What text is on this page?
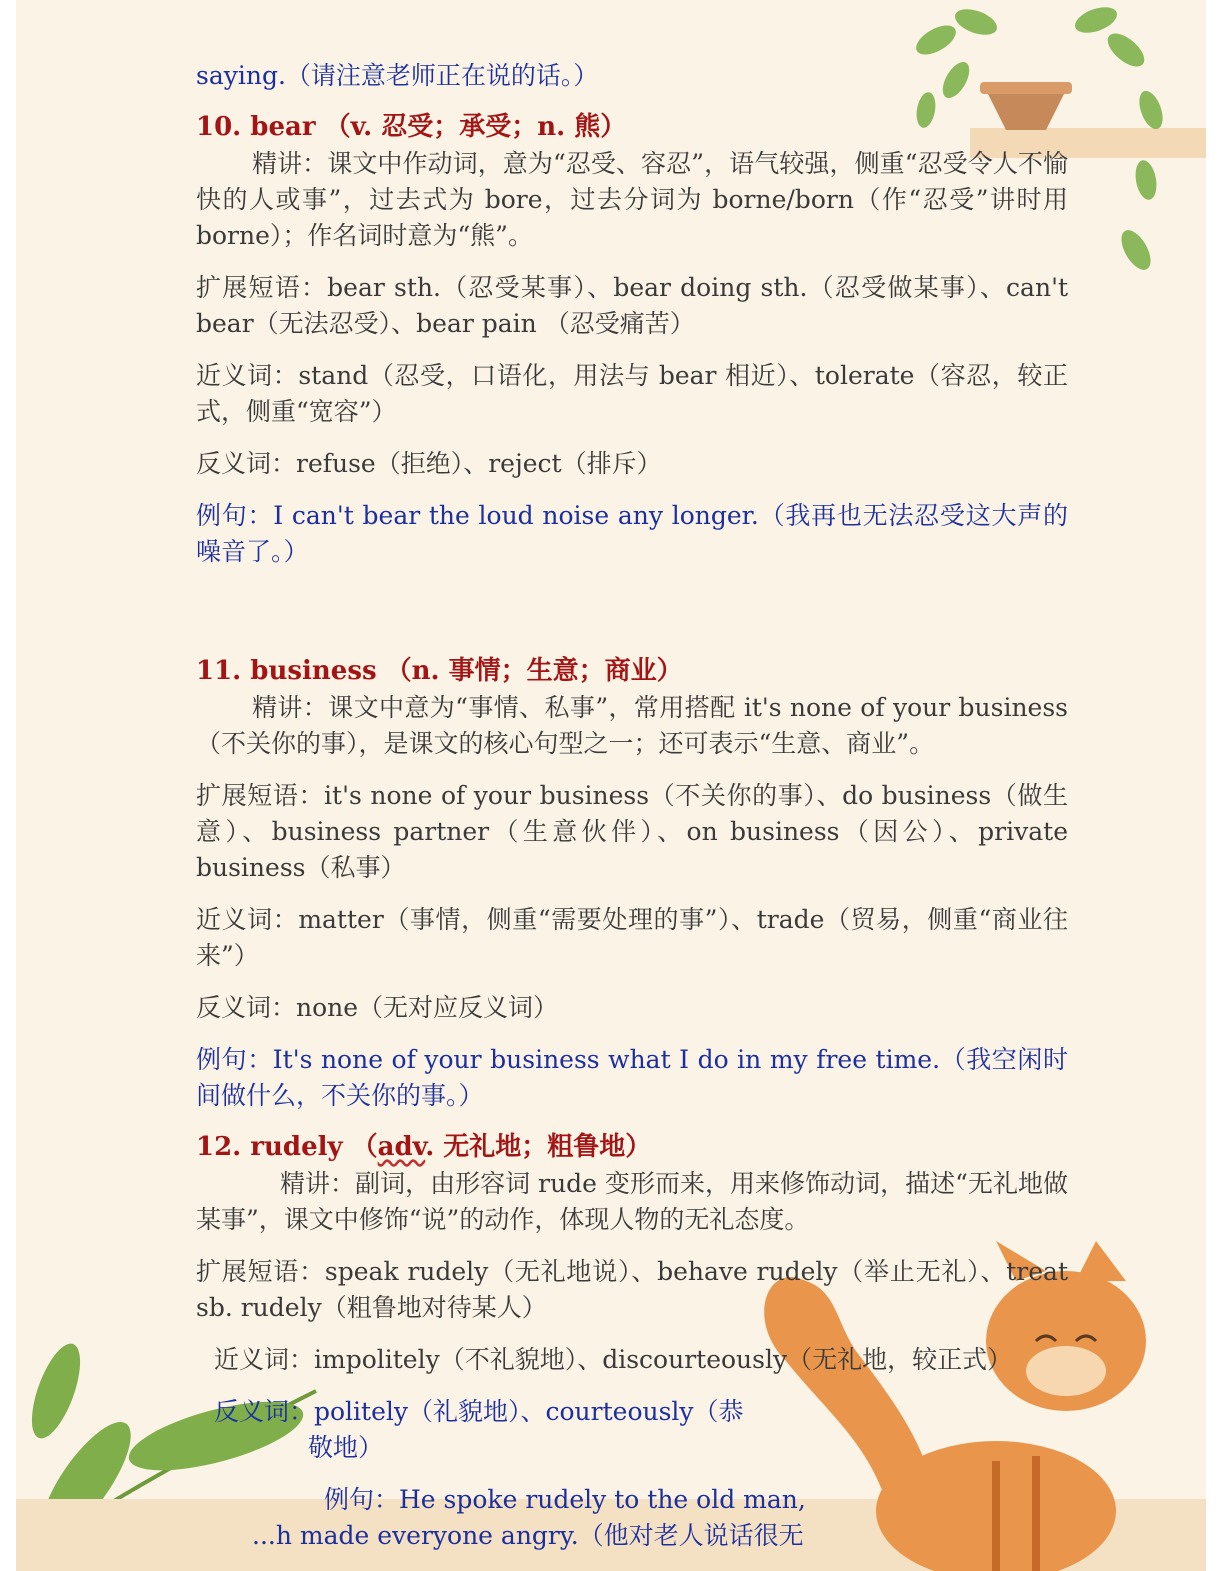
saying.（请注意老师正在说的话。）
10. bear （v. 忍受；承受；n. 熊）
精讲：课文中作动词，意为“忍受、容忍”，语气较强，侧重“忍受令人不愉快的人或事”，过去式为 bore，过去分词为 borne/born（作“忍受”讲时用 borne）；作名词时意为“熊”。
扩展短语：bear sth.（忍受某事）、bear doing sth.（忍受做某事）、can't bear（无法忍受）、bear pain （忍受痛苦）
近义词：stand（忍受，口语化，用法与 bear 相近）、tolerate（容忍，较正式，侧重“宽容”）
反义词：refuse（拒绝）、reject（排斥）
例句：I can't bear the loud noise any longer.（我再也无法忍受这大声的噪音了。）
11. business （n. 事情；生意；商业）
精讲：课文中意为“事情、私事”，常用搭配 it's none of your business（不关你的事），是课文的核心句型之一；还可表示“生意、商业”。
扩展短语：it's none of your business（不关你的事）、do business（做生意）、business partner（生意伙伴）、on business（因公）、private business（私事）
近义词：matter（事情，侧重“需要处理的事”）、trade（贸易，侧重“商业往来”）
反义词：none（无对应反义词）
例句：It's none of your business what I do in my free time.（我空闲时间做什么，不关你的事。）
12. rudely （adv. 无礼地；粗鲁地）
精讲：副词，由形容词 rude 变形而来，用来修饰动词，描述“无礼地做某事”，课文中修饰“说”的动作，体现人物的无礼态度。
扩展短语：speak rudely（无礼地说）、behave rudely（举止无礼）、treat sb. rudely（粗鲁地对待某人）
近义词：impolitely（不礼貌地）、discourteously（无礼地，较正式）
反义词：politely（礼貌地）、courteously（恭
敬地）
例句：He spoke rudely to the old man,
...h made everyone angry.（他对老人说话很无
